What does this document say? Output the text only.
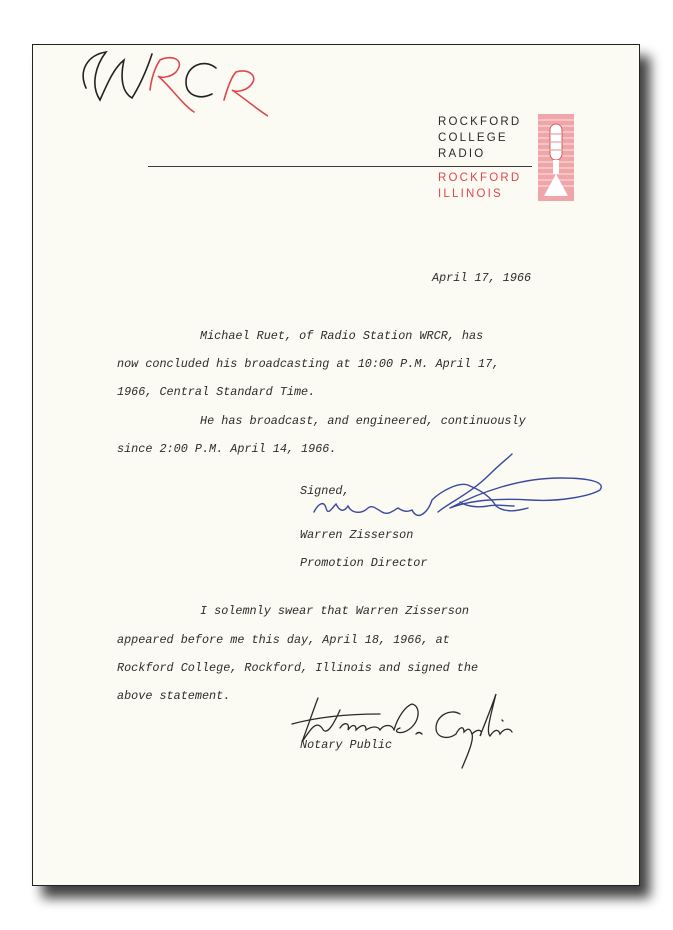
ROCKFORD
COLLEGE
RADIO
ROCKFORD
ILLINOIS
April 17, 1966
Michael Ruet, of Radio Station WRCR, has
now concluded his broadcasting at 10:00 P.M. April 17,
1966, Central Standard Time.
He has broadcast, and engineered, continuously
since 2:00 P.M. April 14, 1966.
Signed,
Warren Zisserson
Promotion Director
I solemnly swear that Warren Zisserson
appeared before me this day, April 18, 1966, at
Rockford College, Rockford, Illinois and signed the
above statement.
Notary Public
